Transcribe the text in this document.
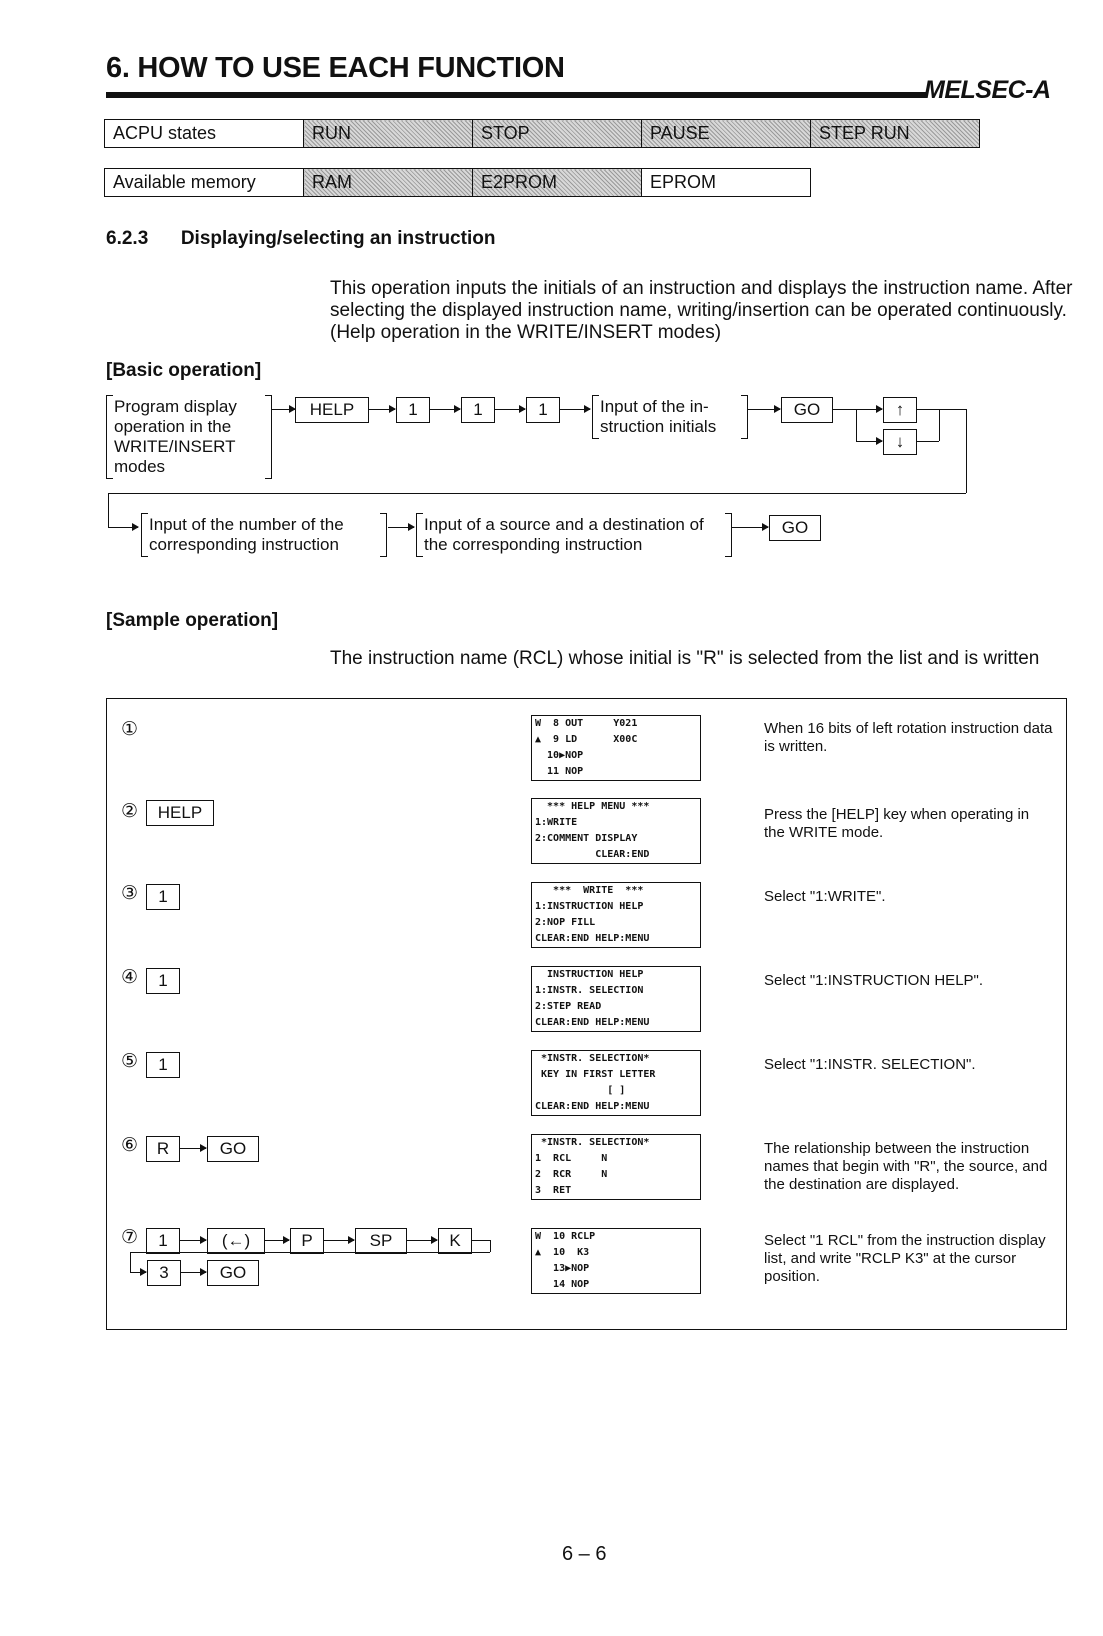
6. HOW TO USE EACH FUNCTION
MELSEC-A
ACPU states	RUN	STOP	PAUSE	STEP RUN
Available memory	RAM	E2PROM	EPROM
6.2.3 Displaying/selecting an instruction
This operation inputs the initials of an instruction and displays the instruction name. After selecting the displayed instruction name, writing/insertion can be operated continuously. (Help operation in the WRITE/INSERT modes)
[Basic operation]
Program display operation in the WRITE/INSERT modes
HELP	1	1	1	Input of the in- struction initials
GO	↑
↓
Input of the number of the corresponding instruction
Input of a source and a destination of the corresponding instruction
GO
[Sample operation]
The instruction name (RCL) whose initial is "R" is selected from the list and is written
①	W  8 OUT     Y021
▲  9 LD      X00C
10▶NOP
11 NOP
When 16 bits of left rotation instruction data is written.
②	HELP	*** HELP MENU ***
1:WRITE
2:COMMENT DISPLAY
CLEAR:END
Press the [HELP] key when operating in the WRITE mode.
③	1	***  WRITE  ***
1:INSTRUCTION HELP
2:NOP FILL
CLEAR:END HELP:MENU
Select "1:WRITE".
④	1	INSTRUCTION HELP
1:INSTR. SELECTION
2:STEP READ
CLEAR:END HELP:MENU
Select "1:INSTRUCTION HELP".
⑤	1	*INSTR. SELECTION*
KEY IN FIRST LETTER
[ ]
CLEAR:END HELP:MENU
Select "1:INSTR. SELECTION".
⑥	R	GO	*INSTR. SELECTION*
1  RCL     N
2  RCR     N
3  RET
The relationship between the instruction names that begin with "R", the source, and the destination are displayed.
⑦	1	(←)	P	SP	K
3	GO
W  10 RCLP
▲  10  K3
13▶NOP
14 NOP
Select "1 RCL" from the instruction display list, and write "RCLP K3" at the cursor position.
6 – 6
